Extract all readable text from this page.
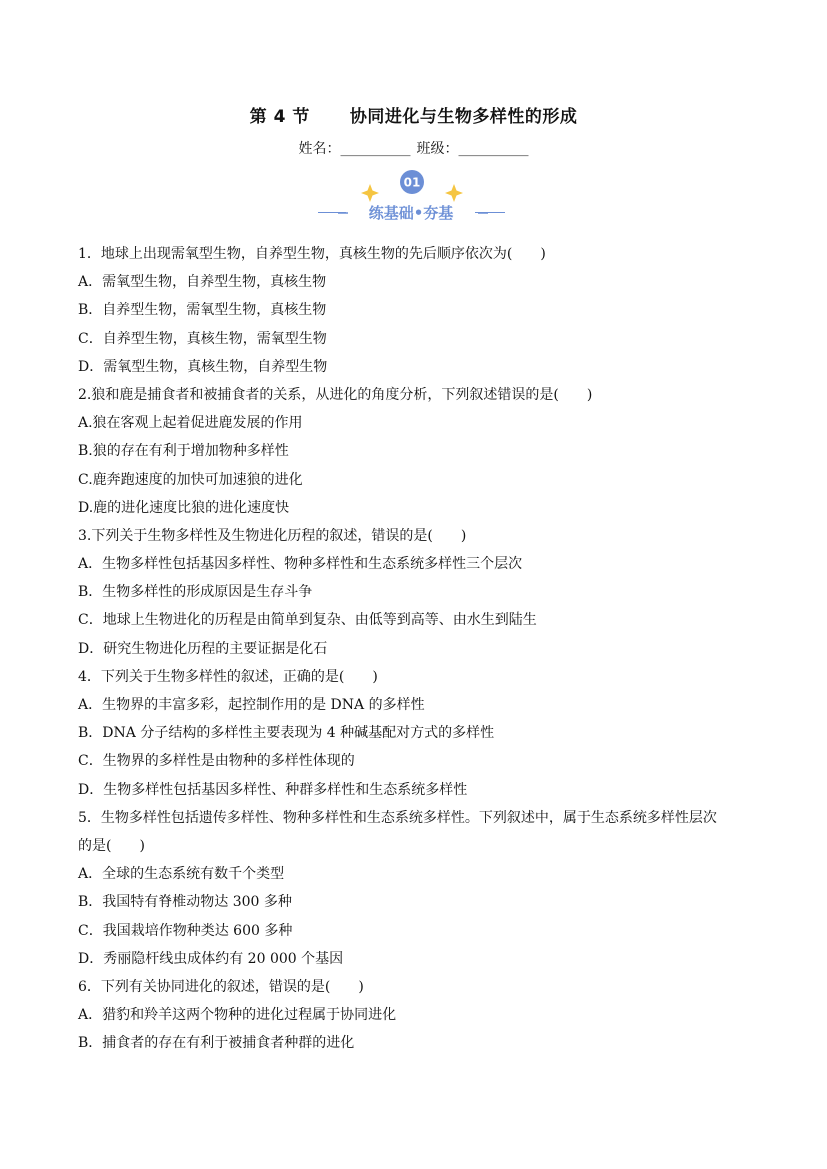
第 4 节 协同进化与生物多样性的形成
姓名：__________ 班级：__________
01
练基础•夯基
1．地球上出现需氧型生物，自养型生物，真核生物的先后顺序依次为(　　)
A．需氧型生物，自养型生物，真核生物
B．自养型生物，需氧型生物，真核生物
C．自养型生物，真核生物，需氧型生物
D．需氧型生物，真核生物，自养型生物
2.狼和鹿是捕食者和被捕食者的关系，从进化的角度分析，下列叙述错误的是(　　)
A.狼在客观上起着促进鹿发展的作用
B.狼的存在有利于增加物种多样性
C.鹿奔跑速度的加快可加速狼的进化
D.鹿的进化速度比狼的进化速度快
3.下列关于生物多样性及生物进化历程的叙述，错误的是(　　)
A．生物多样性包括基因多样性、物种多样性和生态系统多样性三个层次
B．生物多样性的形成原因是生存斗争
C．地球上生物进化的历程是由简单到复杂、由低等到高等、由水生到陆生
D．研究生物进化历程的主要证据是化石
4．下列关于生物多样性的叙述，正确的是(　　)
A．生物界的丰富多彩，起控制作用的是 DNA 的多样性
B．DNA 分子结构的多样性主要表现为 4 种碱基配对方式的多样性
C．生物界的多样性是由物种的多样性体现的
D．生物多样性包括基因多样性、种群多样性和生态系统多样性
5．生物多样性包括遗传多样性、物种多样性和生态系统多样性。下列叙述中，属于生态系统多样性层次
的是(　　)
A．全球的生态系统有数千个类型
B．我国特有脊椎动物达 300 多种
C．我国栽培作物种类达 600 多种
D．秀丽隐杆线虫成体约有 20 000 个基因
6．下列有关协同进化的叙述，错误的是(　　)
A．猎豹和羚羊这两个物种的进化过程属于协同进化
B．捕食者的存在有利于被捕食者种群的进化
